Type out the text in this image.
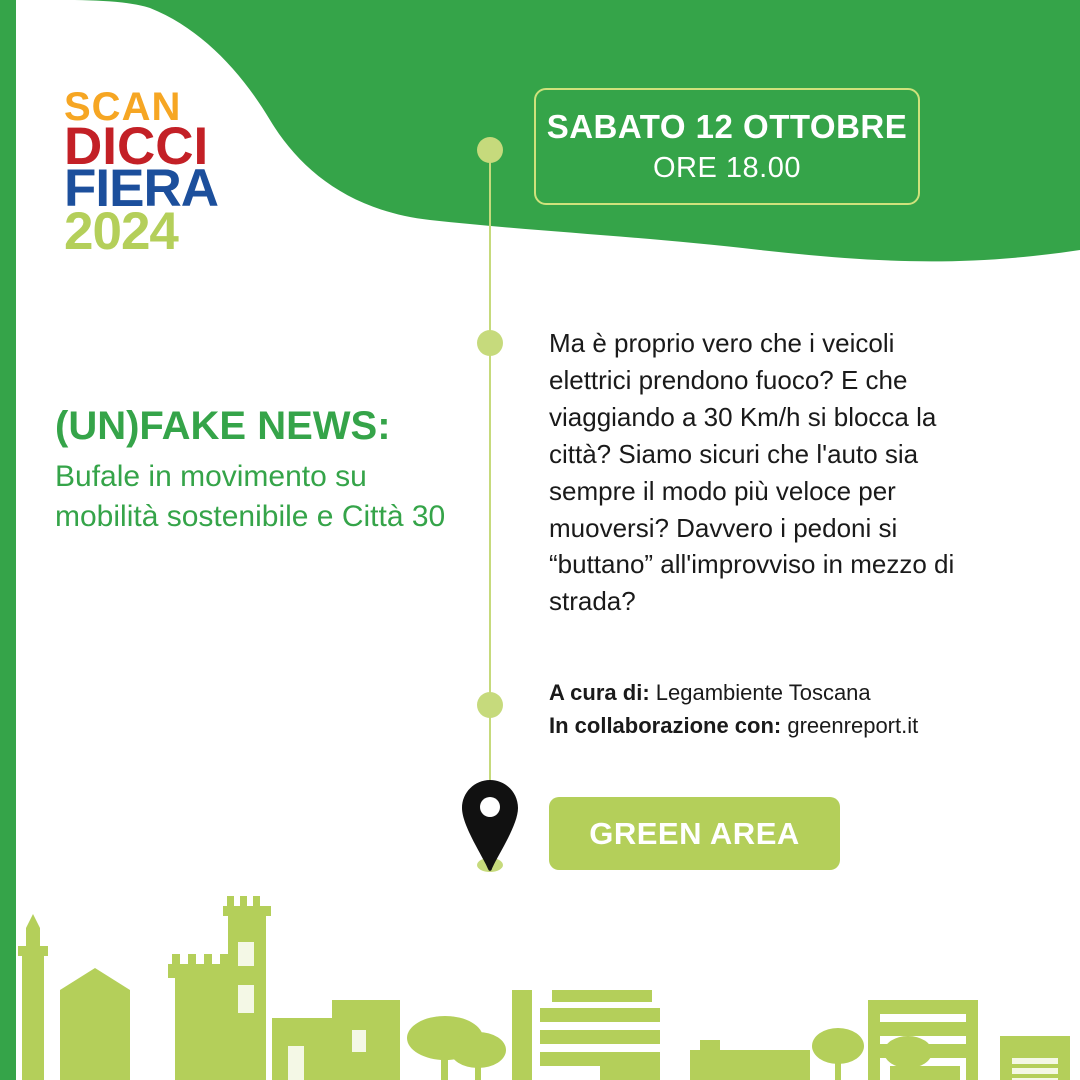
SCAN

DICCI

FIERA

2024

SABATO 12 OTTOBRE
ORE 18.00
(UN)FAKE NEWS:

Bufale in movimento su mobilità sostenibile e Città 30

Ma è proprio vero che i veicoli elettrici prendono fuoco? E che viaggiando a 30 Km/h si blocca la città? Siamo sicuri che l'auto sia sempre il modo più veloce per muoversi? Davvero i pedoni si “buttano” all'improvviso in mezzo di strada?
A cura di: Legambiente Toscana
In collaborazione con: greenreport.it
GREEN AREA
